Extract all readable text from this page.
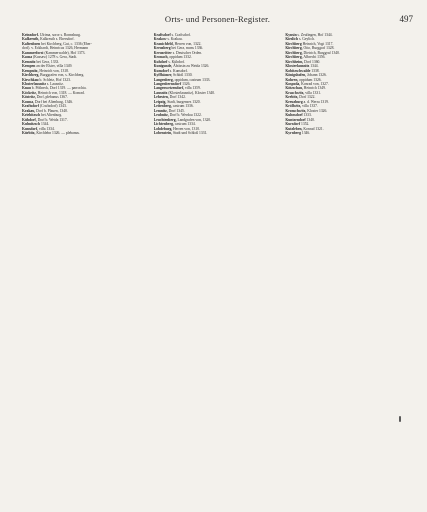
Orts- und Personen-Register.	497

Keinzdorf. Ulrima, soror s. Ronnsburg.

Kalkreuth, Kalkreuth s. Ebersdorf.

Kaltenborn bei Kirchberg, Gut, c. 1336 (Eber-

dorf). v. Eckhardt, Heinricus 1326, Hermann

Kammerforst (Kammerwalde), Hof 1373.

Kausa (Kussaw) 1278 s. Gera, Stadt.

Kemnitz bei Gera, 1333.

Kempen an der Elster, villa 1349.

Kempnitz, Heinrich von, 1318.

Kirchberg, Burggrafen von, s. Kirchberg.

Kirschkau b. Schleiz, Hof 1323.

Klosterlausnitz s. Lausnitz.

Knau b. Pößneck, Dorf 1319. — parrochia.

Köckritz, Heinrich von, 1318. — Konrad.

Köstritz, Dorf, plebanus 1367.

Kosma, Dorf bei Altenburg, 1346.

Kraftsdorf (Craftsdorf) 1343.

Krakau, Dorf b. Plauen, 1340.

Kriebitzsch bei Altenburg.

Kühdorf, Dorf b. Weida 1317.

Kulmitzsch 1344.

Kunsdorf, villa 1334.

Kürbitz, Kirchlehn 1326. — plebanus.

Kraftsdorf s. Craftsdorf.

Krakow s. Krakau.

Kranichfeld, Herren von, 1322.

Kreuzberg bei Gera, mons 1336.

Kreuzritter s. Deutscher Orden.

Kronach, oppidum 1332.

Kuhdorf s. Kühdorf.

Kunigunde, Äbtissin zu Weida 1326.

Kunsdorf s. Kunsdorf.

Kyffhäuser, Schloß 1330.

Langenberg, oppidum, castrum 1333.

Langenbernsdorf 1326.

Langenwetzendorf, villa 1359.

Lausnitz (Klosterlausnitz), Kloster 1340.

Lehesten, Dorf 1342.

Leipzig, Stadt, burgenses 1320.

Leitenberg, castrum 1336.

Lemnitz, Dorf 1345.

Leubnitz, Dorf b. Werdau 1322.

Leuchtenberg, Landgrafen von, 1320.

Lichtenberg, castrum 1334.

Lobdeburg, Herren von, 1310.

Lobenstein, Stadt und Schloß 1331.

Kynsin s. Zeulingen, Hof 1344.

Kieslich s. Geylich.

Kirchberg Heinrich, Vogt 1317.

Kirchberg, Otto, Burggraf 1328.

Kirchberg, Dietrich, Burggraf 1340.

Kirchberg, Albrecht 1356.

Kirchheim, Dorf 1360.

Klosterlausnitz 1344.

Kobitzschwalde 1338.

Königshofen, Johann 1326.

Kohren, oppidum 1326.

Kospoda, Konrad von, 1327.

Kötzschau, Heinrich 1349.

Kraschwitz, villa 1331.

Krebitz, Dorf 1322.

Kreuzburg a. d. Werra 1319.

Kröllwitz, villa 1337.

Kronschwitz, Kloster 1326.

Kuhnsdorf 1333.

Kuntzendorf 1340.

Kursdorf 1352.

Kutzleben, Konrad 1321.

Kyrnberg 1346.
